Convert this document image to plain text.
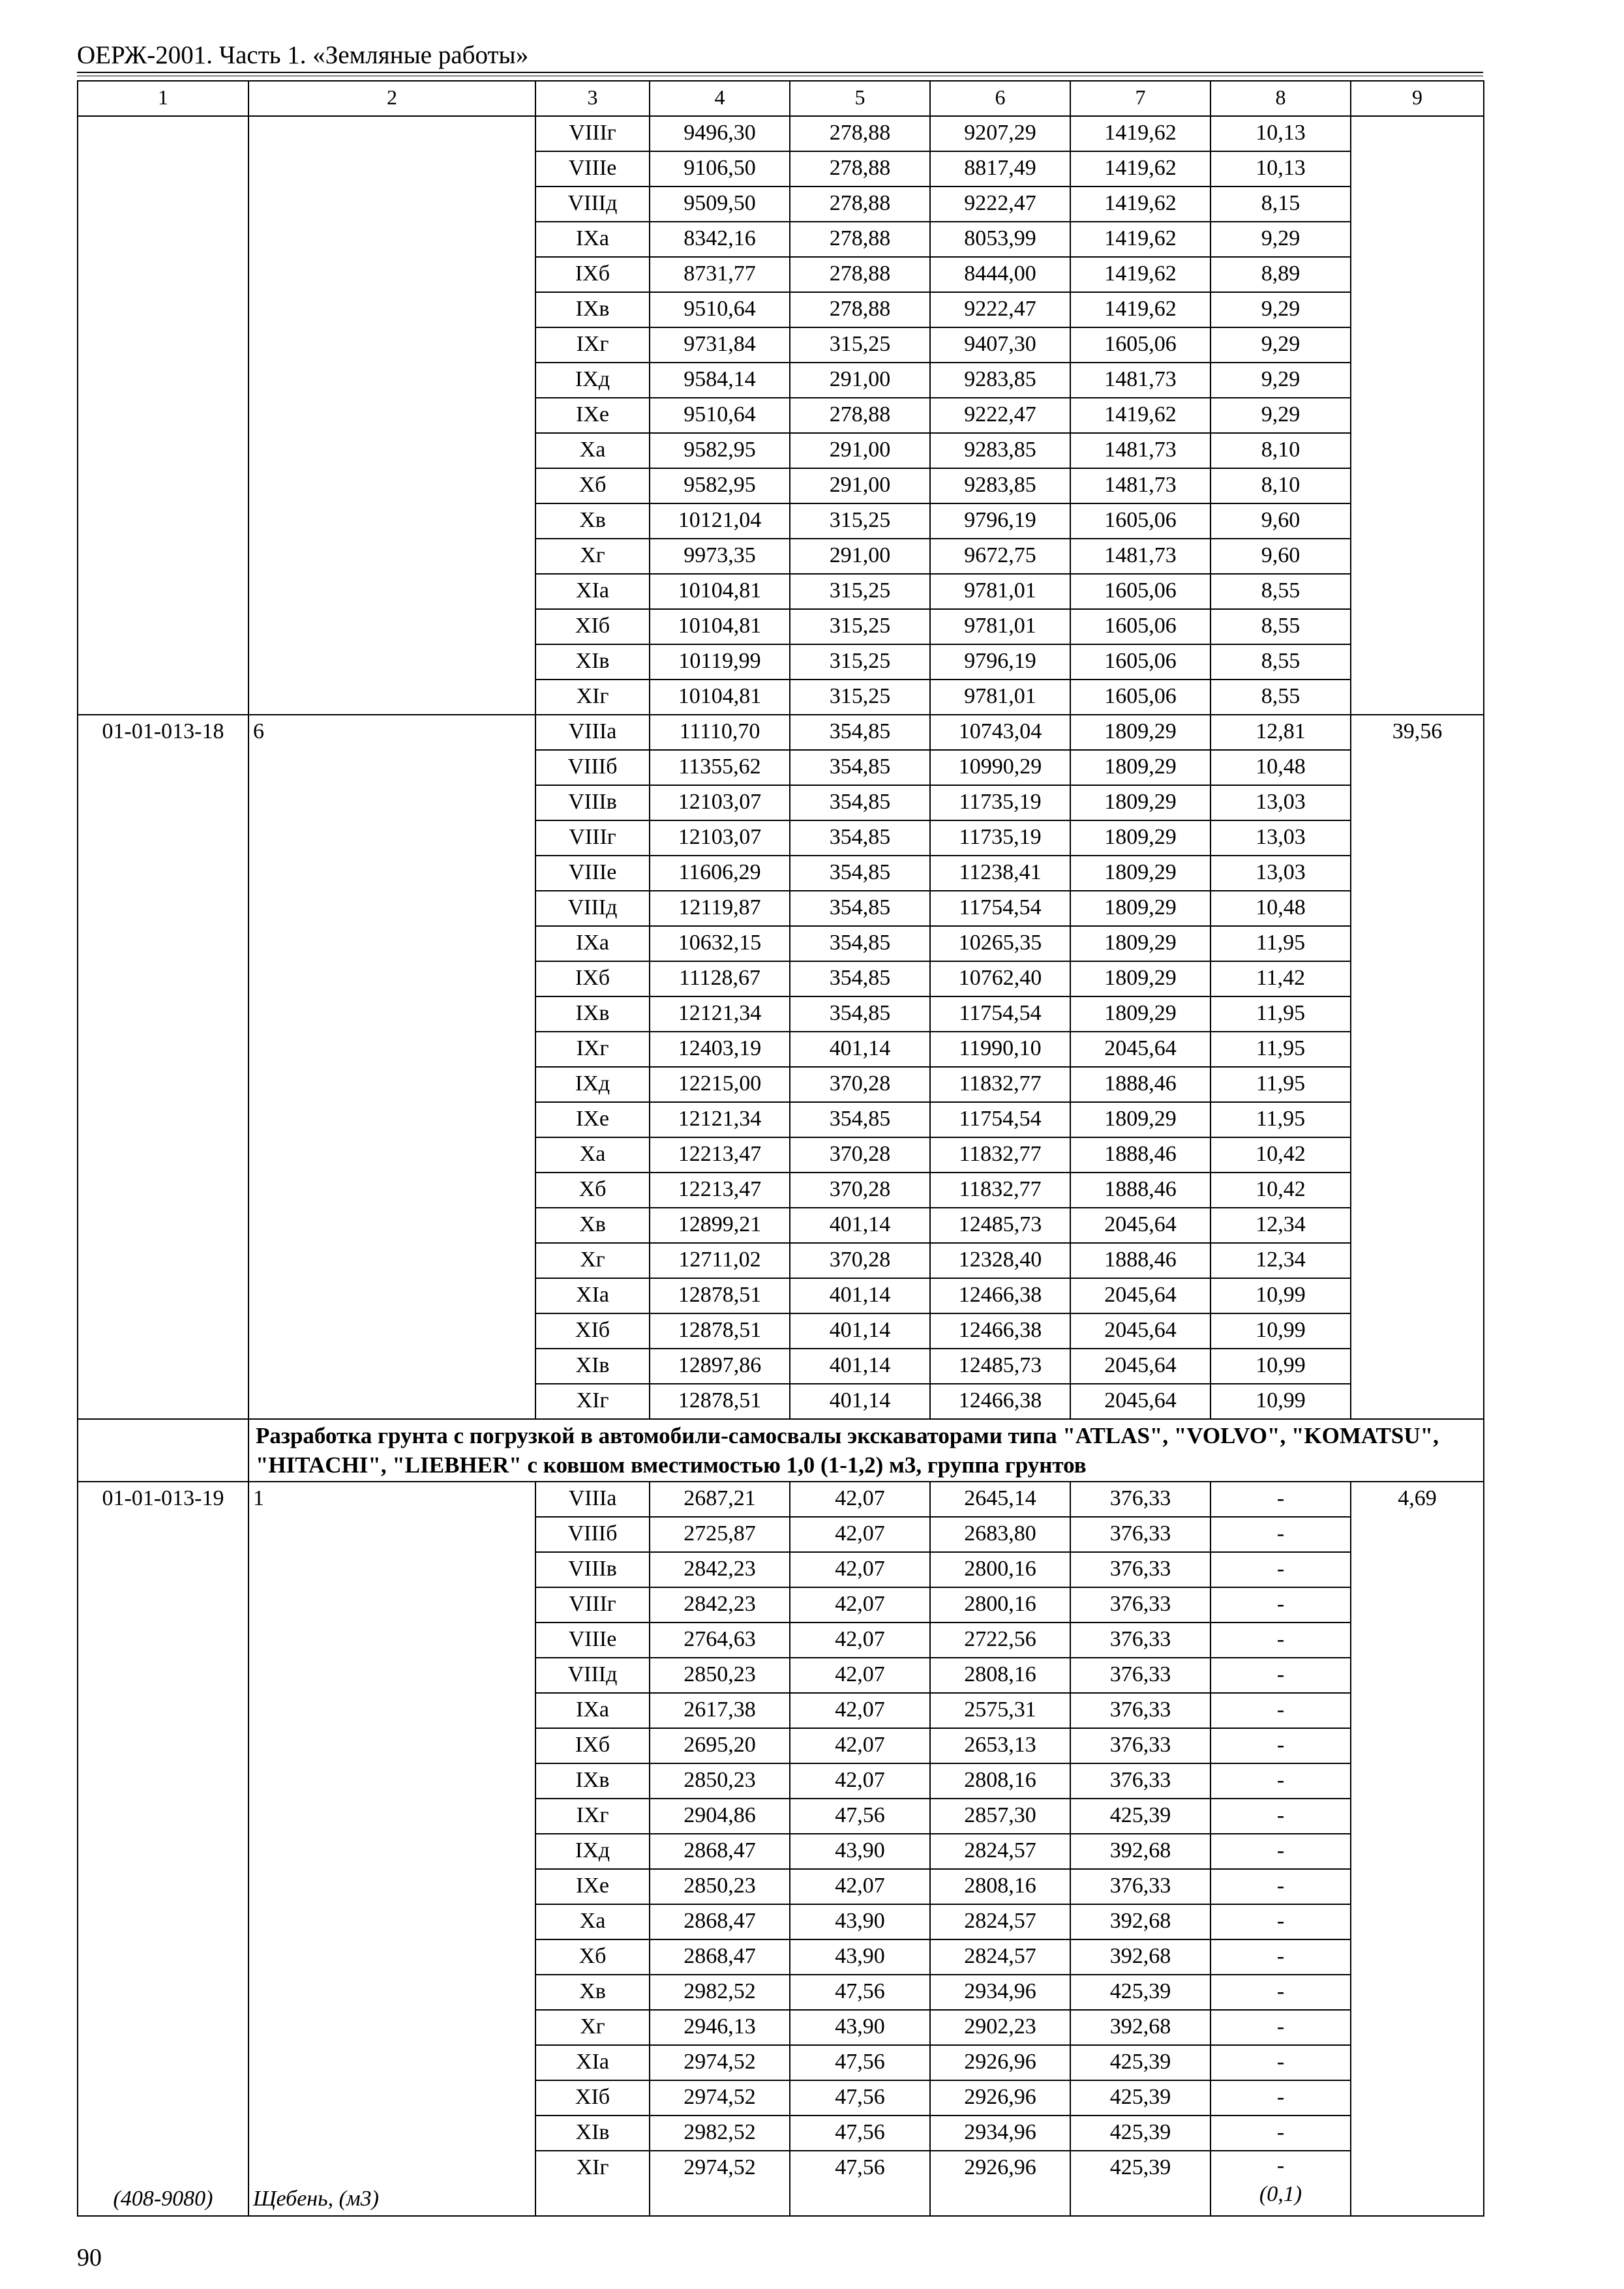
ОЕРЖ-2001. Часть 1. «Земляные работы»
1	2	3	4	5	6	7	8	9
		VIIIг	9496,30	278,88	9207,29	1419,62	10,13	
		VIIIе	9106,50	278,88	8817,49	1419,62	10,13	
		VIIIд	9509,50	278,88	9222,47	1419,62	8,15	
		IXа	8342,16	278,88	8053,99	1419,62	9,29	
		IXб	8731,77	278,88	8444,00	1419,62	8,89	
		IXв	9510,64	278,88	9222,47	1419,62	9,29	
		IXг	9731,84	315,25	9407,30	1605,06	9,29	
		IXд	9584,14	291,00	9283,85	1481,73	9,29	
		IXе	9510,64	278,88	9222,47	1419,62	9,29	
		Xа	9582,95	291,00	9283,85	1481,73	8,10	
		Xб	9582,95	291,00	9283,85	1481,73	8,10	
		Xв	10121,04	315,25	9796,19	1605,06	9,60	
		Xг	9973,35	291,00	9672,75	1481,73	9,60	
		XIа	10104,81	315,25	9781,01	1605,06	8,55	
		XIб	10104,81	315,25	9781,01	1605,06	8,55	
		XIв	10119,99	315,25	9796,19	1605,06	8,55	
		XIг	10104,81	315,25	9781,01	1605,06	8,55	
01-01-013-18	6	VIIIа	11110,70	354,85	10743,04	1809,29	12,81	39,56
		VIIIб	11355,62	354,85	10990,29	1809,29	10,48	
		VIIIв	12103,07	354,85	11735,19	1809,29	13,03	
		VIIIг	12103,07	354,85	11735,19	1809,29	13,03	
		VIIIе	11606,29	354,85	11238,41	1809,29	13,03	
		VIIIд	12119,87	354,85	11754,54	1809,29	10,48	
		IXа	10632,15	354,85	10265,35	1809,29	11,95	
		IXб	11128,67	354,85	10762,40	1809,29	11,42	
		IXв	12121,34	354,85	11754,54	1809,29	11,95	
		IXг	12403,19	401,14	11990,10	2045,64	11,95	
		IXд	12215,00	370,28	11832,77	1888,46	11,95	
		IXе	12121,34	354,85	11754,54	1809,29	11,95	
		Xа	12213,47	370,28	11832,77	1888,46	10,42	
		Xб	12213,47	370,28	11832,77	1888,46	10,42	
		Xв	12899,21	401,14	12485,73	2045,64	12,34	
		Xг	12711,02	370,28	12328,40	1888,46	12,34	
		XIа	12878,51	401,14	12466,38	2045,64	10,99	
		XIб	12878,51	401,14	12466,38	2045,64	10,99	
		XIв	12897,86	401,14	12485,73	2045,64	10,99	
		XIг	12878,51	401,14	12466,38	2045,64	10,99	
	Разработка грунта с погрузкой в автомобили-самосвалы экскаваторами типа "ATLAS", "VOLVO", "KOMATSU", "HITACHI", "LIEBHER" с ковшом вместимостью 1,0 (1-1,2) м3, группа грунтов							
01-01-013-19	1	VIIIа	2687,21	42,07	2645,14	376,33	-	4,69
		VIIIб	2725,87	42,07	2683,80	376,33	-	
		VIIIв	2842,23	42,07	2800,16	376,33	-	
		VIIIг	2842,23	42,07	2800,16	376,33	-	
		VIIIе	2764,63	42,07	2722,56	376,33	-	
		VIIIд	2850,23	42,07	2808,16	376,33	-	
		IXа	2617,38	42,07	2575,31	376,33	-	
		IXб	2695,20	42,07	2653,13	376,33	-	
		IXв	2850,23	42,07	2808,16	376,33	-	
		IXг	2904,86	47,56	2857,30	425,39	-	
		IXд	2868,47	43,90	2824,57	392,68	-	
		IXе	2850,23	42,07	2808,16	376,33	-	
		Xа	2868,47	43,90	2824,57	392,68	-	
		Xб	2868,47	43,90	2824,57	392,68	-	
		Xв	2982,52	47,56	2934,96	425,39	-	
		Xг	2946,13	43,90	2902,23	392,68	-	
		XIа	2974,52	47,56	2926,96	425,39	-	
		XIб	2974,52	47,56	2926,96	425,39	-	
		XIв	2982,52	47,56	2934,96	425,39	-	
(408-9080)	Щебень, (м3)	XIг	2974,52	47,56	2926,96	425,39	-
(0,1)	
90
